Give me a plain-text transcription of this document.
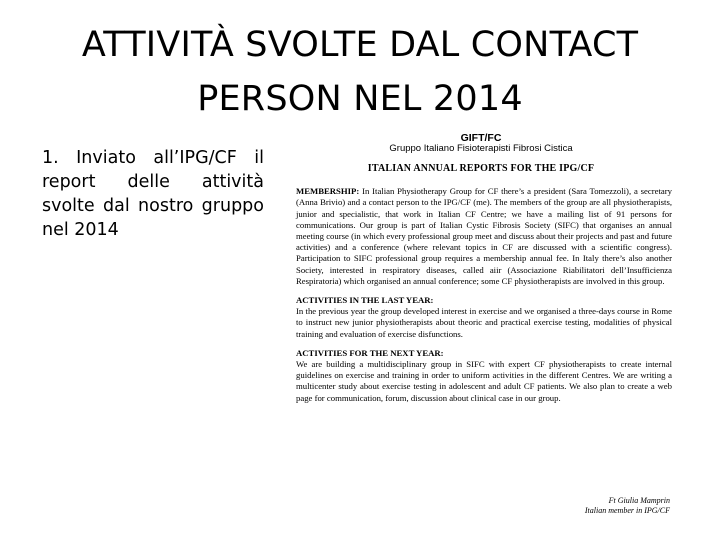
ATTIVITÀ SVOLTE DAL CONTACT
PERSON NEL 2014

1. Inviato all’IPG/CF il report delle attività svolte dal nostro gruppo nel 2014

GIFT/FC
Gruppo Italiano Fisioterapisti Fibrosi Cistica
ITALIAN ANNUAL REPORTS FOR THE IPG/CF

MEMBERSHIP: In Italian Physiotherapy Group for CF there’s a president (Sara Tomezzoli), a secretary (Anna Brivio) and a contact person to the IPG/CF (me). The members of the group are all physiotherapists, junior and specialistic, that work in Italian CF Centre; we have a mailing list of 91 persons for communications. Our group is part of Italian Cystic Fibrosis Society (SIFC) that organises an annual meeting course (in which every professional group meet and discuss about their projects and past and future activities) and a conference (where relevant topics in CF are discussed with a scientific congress). Participation to SIFC professional group requires a membership annual fee. In Italy there’s also another Society, interested in respiratory diseases, called aiir (Associazione Riabilitatori dell’Insufficienza Respiratoria) which organised an annual conference; some CF physiotherapists are involved in this group.

ACTIVITIES IN THE LAST YEAR:

In the previous year the group developed interest in exercise and we organised a three-days course in Rome to instruct new junior physiotherapists about theoric and practical exercise testing, modalities of physical training and evaluation of exercise disfunctions.

ACTIVITIES FOR THE NEXT YEAR:

We are building a multidisciplinary group in SIFC with expert CF physiotherapists to create internal guidelines on exercise and training in order to uniform activities in the different Centres. We are writing a multicenter study about exercise testing in adolescent and adult CF patients. We also plan to create a web page for communication, forum, discussion about clinical case in our group.

Ft Giulia Mamprin
Italian member in IPG/CF
